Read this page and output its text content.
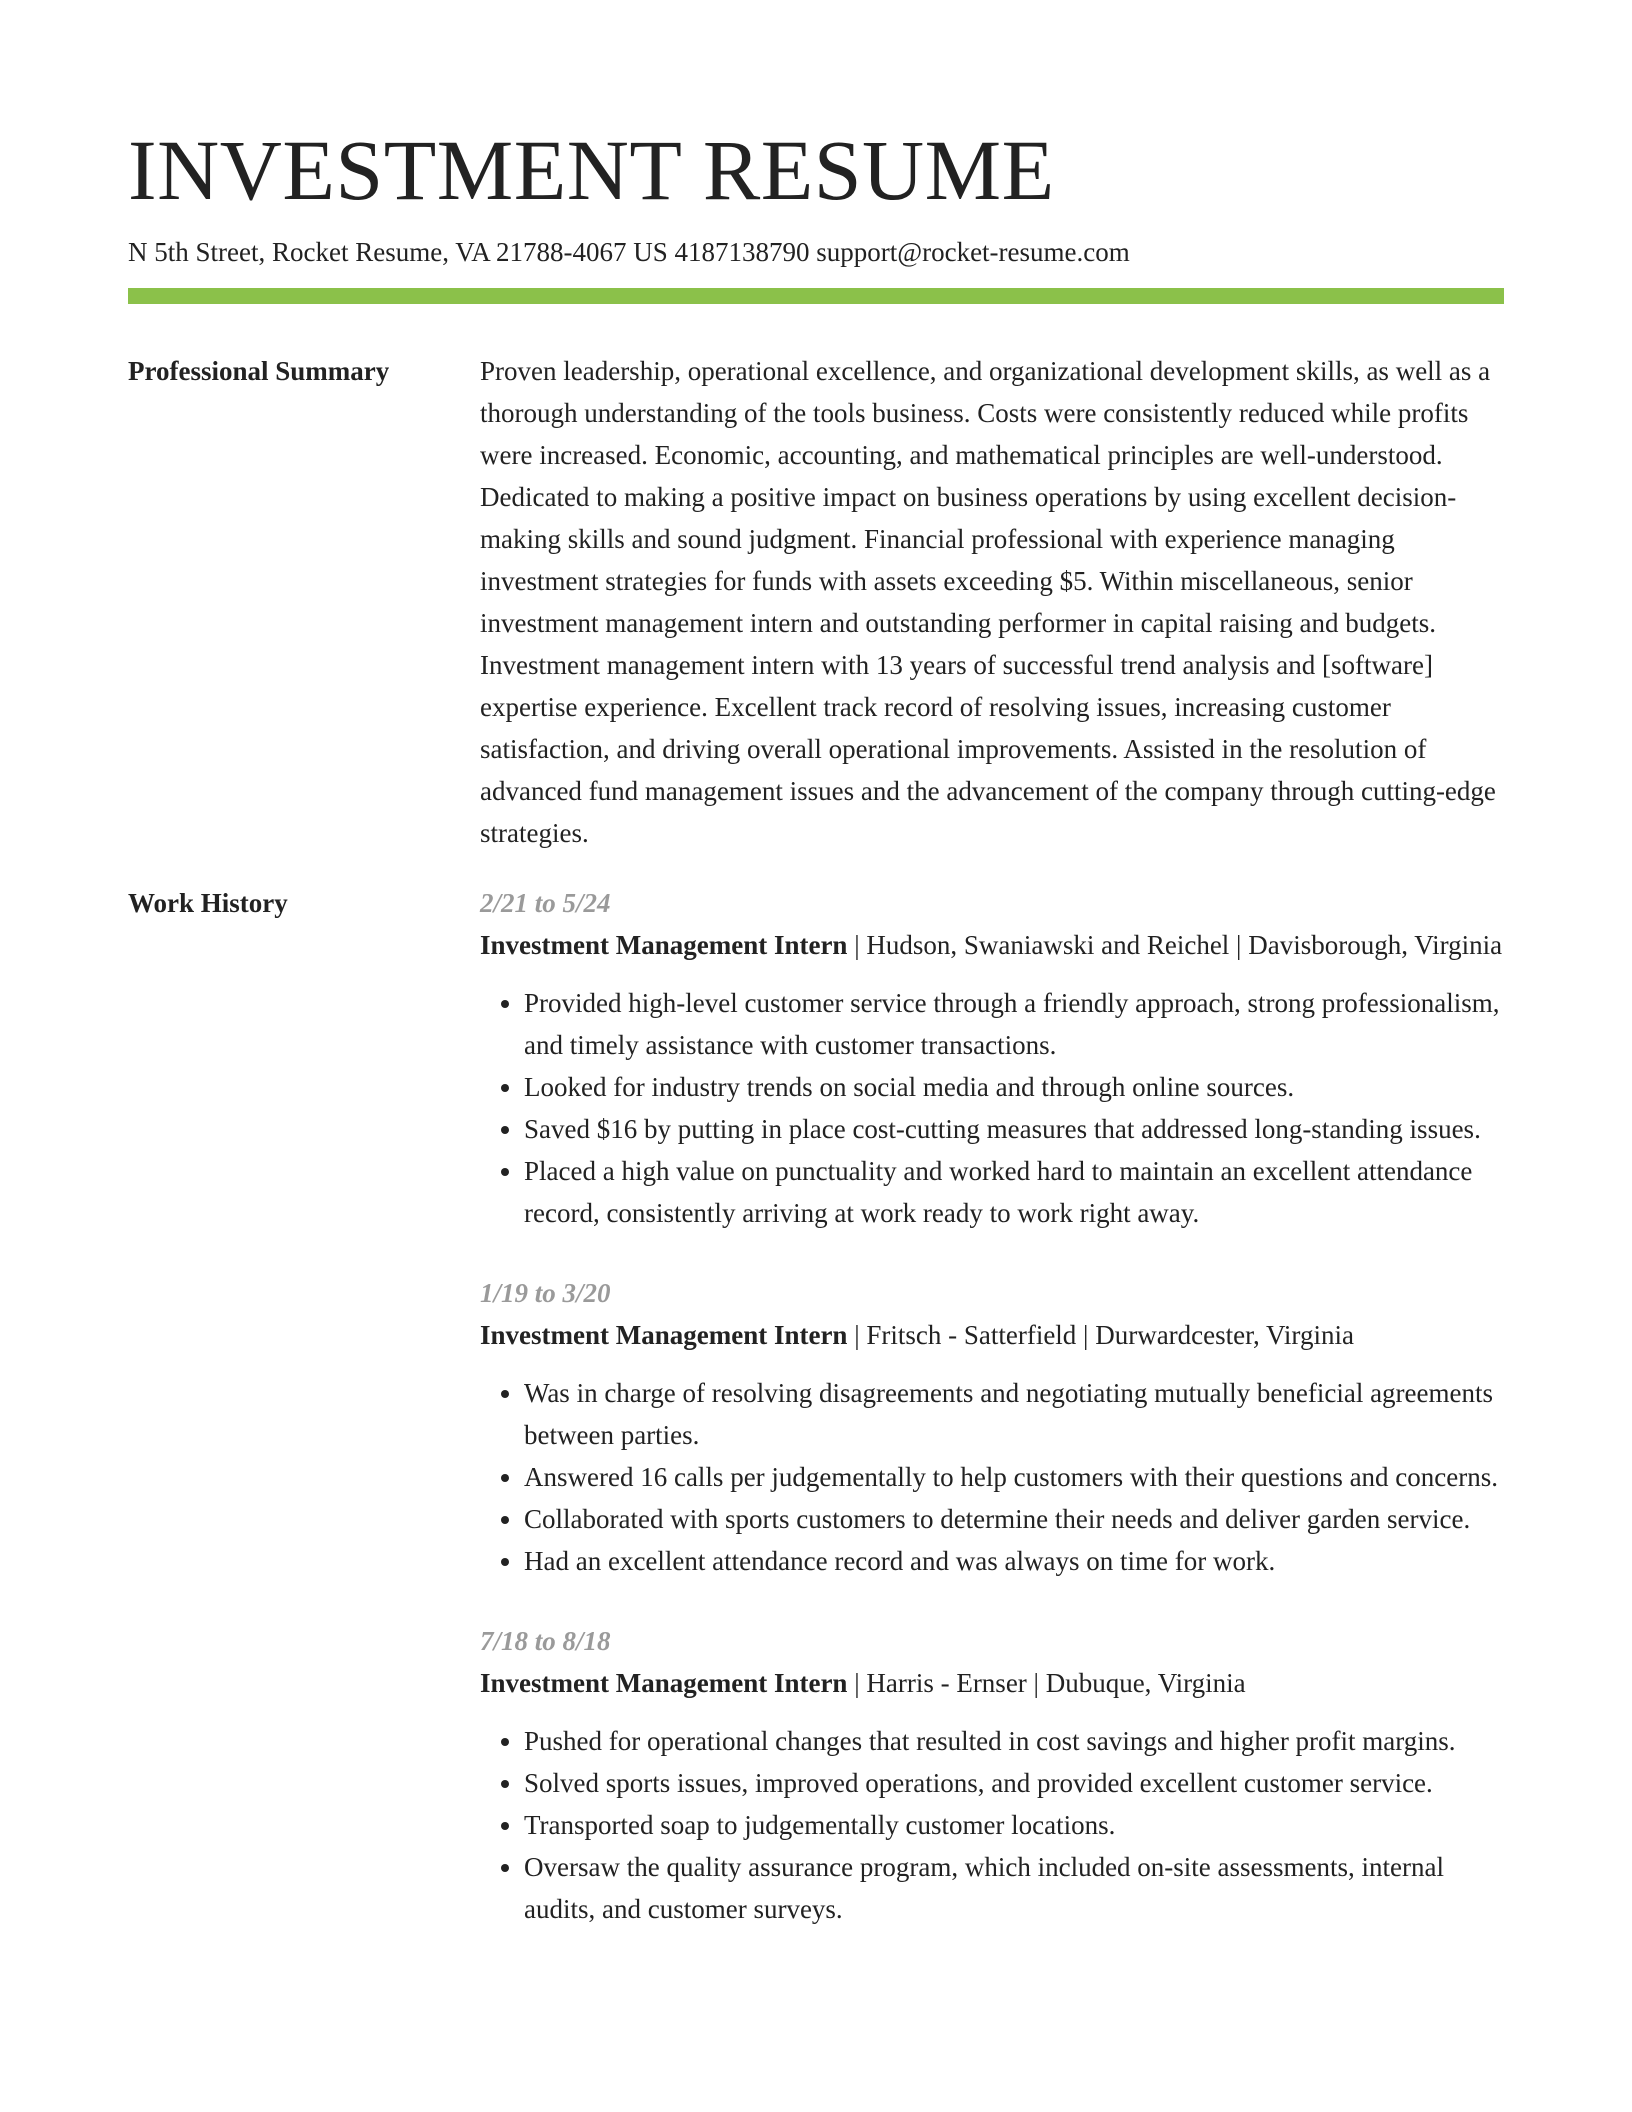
INVESTMENT RESUME
N 5th Street, Rocket Resume, VA 21788-4067 US 4187138790 support@rocket-resume.com
Professional Summary	Proven leadership, operational excellence, and organizational development skills, as well as a thorough understanding of the tools business. Costs were consistently reduced while profits were increased. Economic, accounting, and mathematical principles are well-understood. Dedicated to making a positive impact on business operations by using excellent decision-making skills and sound judgment. Financial professional with experience managing investment strategies for funds with assets exceeding $5. Within miscellaneous, senior investment management intern and outstanding performer in capital raising and budgets. Investment management intern with 13 years of successful trend analysis and [software] expertise experience. Excellent track record of resolving issues, increasing customer satisfaction, and driving overall operational improvements. Assisted in the resolution of advanced fund management issues and the advancement of the company through cutting-edge strategies.

Work History	2/21 to 5/24
Investment Management Intern | Hudson, Swaniawski and Reichel | Davisborough, Virginia
• Provided high-level customer service through a friendly approach, strong professionalism, and timely assistance with customer transactions.
• Looked for industry trends on social media and through online sources.
• Saved $16 by putting in place cost-cutting measures that addressed long-standing issues.
• Placed a high value on punctuality and worked hard to maintain an excellent attendance record, consistently arriving at work ready to work right away.
1/19 to 3/20
Investment Management Intern | Fritsch - Satterfield | Durwardcester, Virginia
• Was in charge of resolving disagreements and negotiating mutually beneficial agreements between parties.
• Answered 16 calls per judgementally to help customers with their questions and concerns.
• Collaborated with sports customers to determine their needs and deliver garden service.
• Had an excellent attendance record and was always on time for work.
7/18 to 8/18
Investment Management Intern | Harris - Ernser | Dubuque, Virginia
• Pushed for operational changes that resulted in cost savings and higher profit margins.
• Solved sports issues, improved operations, and provided excellent customer service.
• Transported soap to judgementally customer locations.
• Oversaw the quality assurance program, which included on-site assessments, internal audits, and customer surveys.
